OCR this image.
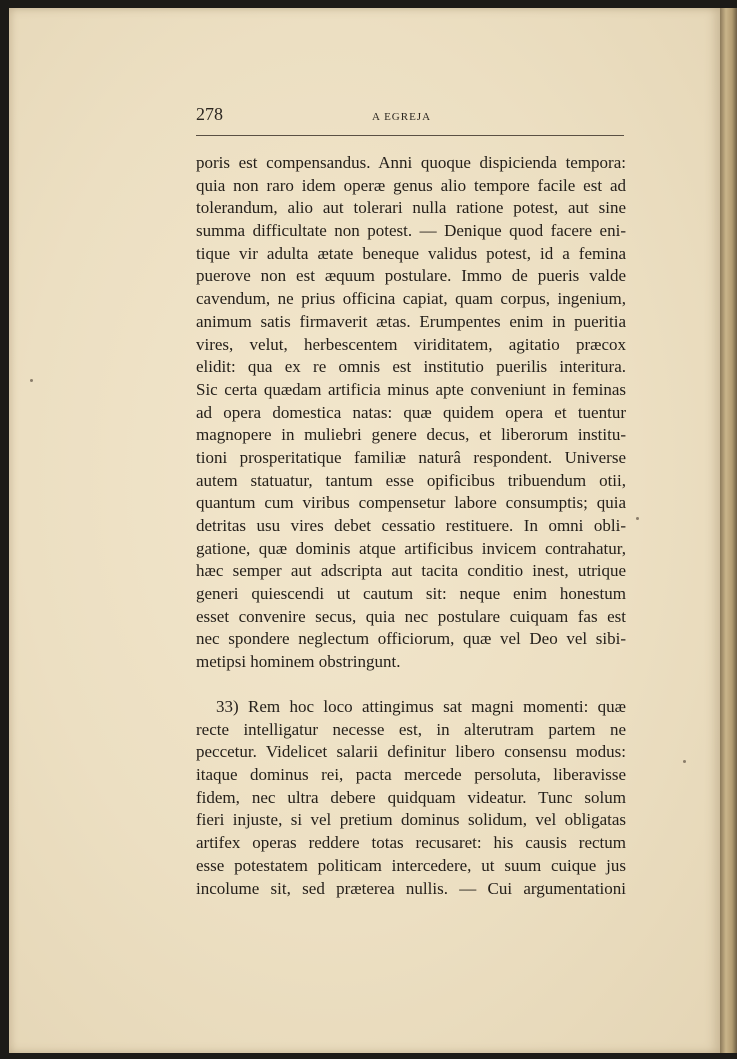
278	A EGREJA
poris est compensandus. Anni quoque dispicienda tempora:
quia non raro idem operæ genus alio tempore facile est ad
tolerandum, alio aut tolerari nulla ratione potest, aut sine
summa difficultate non potest. — Denique quod facere eni-
tique vir adulta ætate beneque validus potest, id a femina
puerove non est æquum postulare. Immo de pueris valde
cavendum, ne prius officina capiat, quam corpus, ingenium,
animum satis firmaverit ætas. Erumpentes enim in pueritia
vires, velut, herbescentem viriditatem, agitatio præcox
elidit: qua ex re omnis est institutio puerilis interitura.
Sic certa quædam artificia minus apte conveniunt in feminas
ad opera domestica natas: quæ quidem opera et tuentur
magnopere in muliebri genere decus, et liberorum institu-
tioni prosperitatique familiæ naturâ respondent. Universe
autem statuatur, tantum esse opificibus tribuendum otii,
quantum cum viribus compensetur labore consumptis; quia
detritas usu vires debet cessatio restituere. In omni obli-
gatione, quæ dominis atque artificibus invicem contrahatur,
hæc semper aut adscripta aut tacita conditio inest, utrique
generi quiescendi ut cautum sit: neque enim honestum
esset convenire secus, quia nec postulare cuiquam fas est
nec spondere neglectum officiorum, quæ vel Deo vel sibi-
metipsi hominem obstringunt.
33) Rem hoc loco attingimus sat magni momenti: quæ
recte intelligatur necesse est, in alterutram partem ne
peccetur. Videlicet salarii definitur libero consensu modus:
itaque dominus rei, pacta mercede persoluta, liberavisse
fidem, nec ultra debere quidquam videatur. Tunc solum
fieri injuste, si vel pretium dominus solidum, vel obligatas
artifex operas reddere totas recusaret: his causis rectum
esse potestatem politicam intercedere, ut suum cuique jus
incolume sit, sed præterea nullis. — Cui argumentationi
